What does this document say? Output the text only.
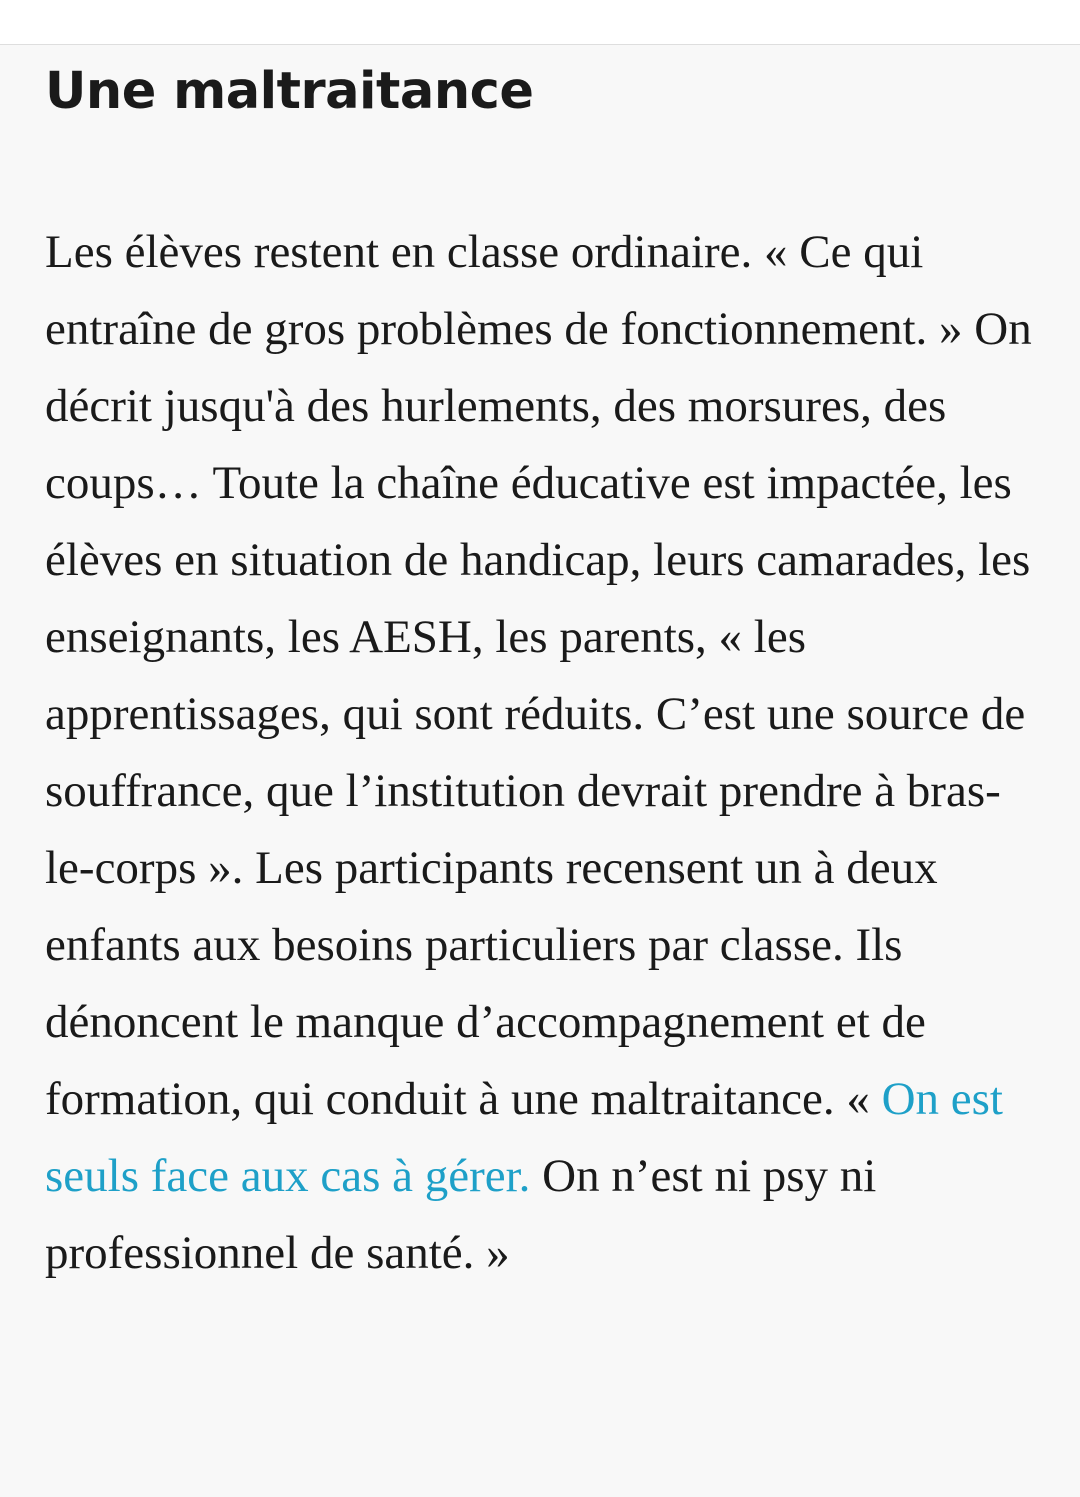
Une maltraitance

Les élèves restent en classe ordinaire. « Ce qui entraîne de gros problèmes de fonctionnement. » On décrit jusqu'à des hurlements, des morsures, des coups… Toute la chaîne éducative est impactée, les élèves en situation de handicap, leurs camarades, les enseignants, les AESH, les parents, « les apprentissages, qui sont réduits. C’est une source de souffrance, que l’institution devrait prendre à bras-le-corps ». Les participants recensent un à deux enfants aux besoins particuliers par classe. Ils dénoncent le manque d’accompagnement et de formation, qui conduit à une maltraitance. « On est seuls face aux cas à gérer. On n’est ni psy ni professionnel de santé. »
